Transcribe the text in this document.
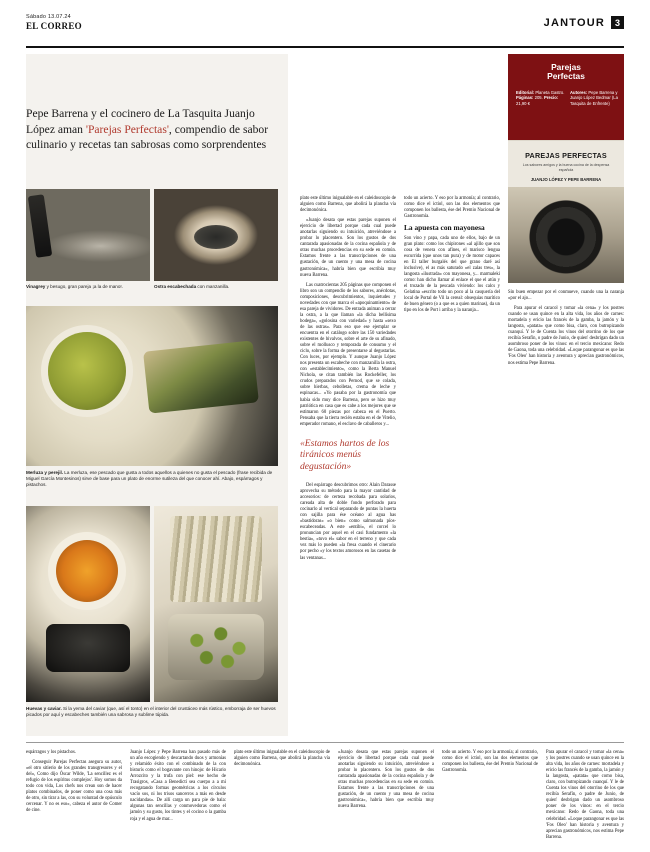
Sábado 13.07.24
EL CORREO	JANTOUR	3
Pepe Barrena y el cocinero de La Tasquita Juanjo López aman 'Parejas Perfectas', compendio de sabor culinario y recetas tan sabrosas como sorprendentes
Vinagrey y besugo, gran pareja ¡a la de mano!.	Ostra escabechada con manzanilla.
Merluza y perejil. La merluza, ese pescado que gusta a todos aquellos a quienes no gusta el pescado (frase recibida de Miguel García Montesinos) sirve de base para un plato de enorme sutileza del que conocer ahí. Abajo, espárragos y pistachos.
Huevas y caviar. Si la yema del caviar (que, así el tonto) en el interior del crustáceo más rústico, emborraja de ser huevos picados por aquí y escabeches también una sabrosa y sublime túpida.
Parejas
Perfectas
Editorial: Planeta Gastro. Páginas: 205. Precio: 21,90 €
Autores: Pepe Barrena y Juanjo López Bedmar (La Tasquita de Enfrente)
PAREJAS PERFECTAS
Los sabores amigos y la buena cocina de la despensa española
JUANJO LÓPEZ Y PEPE BARRENA

plato este último inigualable en el caleidoscopio de alguien como Barrena, que abolirá la plancha vía decimonónica.

«Juanjo desata que estas parejas suponen el ejercicio de libertad porque cada cual puede anotarlas siguiendo su intuición, atreviéndose a probar lo placentero. Son los gustos de dos cantarada apasionadas de la cocina española y de otras muchas procedencias en su sede en común. Estamos frente a las transcripciones de una gustación, de un cuento y una mesa de cocina gastronómica», habría bien que escribía muy nueva Barrena.

Las cuatrocientas 205 páginas que componen el libro son un compendio de los sabores, anécdotas, composiciones, descubrimientos, inquietudes y novedades con que marca el «apoquinamiento» de esa pareja de vividores. De entrada animan a cerrar la ostra, a la que llaman «la dicha bellísima bodega», «golosina con variedad» y hasta «sexo de las ostras». Para eso que ese ejemplar se encuentra en el catálogo sobre las 150 variedades existentes de bivalvos, sobre el arte de su afinado, sobre el mollusco y temporada de consumo y el ciclo, sobre la forma de presentarse al degustarlas. Con luces, por ejemplo. Y aunque Juanjo López nos presenta un escabeche con manzanilla la ostra, con «establecimiento», como la Berta Manuel Nichola, se citan también las Rockefeller, los crudos preparados con Pernod, que se colada, sobre hierbas, cebolletas, crema de leche y espinacas... «Yo pasaba por la gastronomía que había sido muy dice Barrena, pero se hizo muy patriótica en casa que es cabe a los mejores que se estimaron 60 piezas por cabeza en el Puerto. Pensaba que la tierra recién estaba en el de Vitelio, emperador romano, el esclavo de caballeros y...

«Estamos hartos de los tiránicos menús degustación»

Del espárrago descubrimos otro: Alain Darasse aprovecha su método para la mayor cantidad de accesorios: de certeza recobada para solarios, careada alta de doble fondo perforado para cocinarlo al vertical separando de puntas la huerta con sajilla para ése océano al agua has «bastidoras» «o bien» como salmonada píos-escabeceadas. A este «entibi», el corcel lo pronuncian por aquel en el casi fundamento «la bestia», «tuvo el» sabor en el terreno y que cada vez más lo pueden «la fresa cuando el cinerario por pecho «y los textos amorosos en las casetas de las ventanas...

todo un acierto. Y eso por la armonía; al contrario, como dice el ictiol, son las dos elementos que componen los ballesta, ése del Premio Nacional de Gastronomía.

La apuesta con mayonesa

Son vino y papa, cada uno de ellos, bajo de un gran plato: como los chipirones «al ajillo que son cosa de venera con afines, el marisco lengua escurrida (que unos tan pura) y de motor capaces en El taller burgalés del que grano daré así inclusive), el as más saturado «el zalas tres», la langosta «ilustrada» con mayonesa, y... marmaleki como: han dicho llamar al enlace el que el atún y el trozado de la pescada viviendo: los calcs y Gelatina «escrito todo un poco al la casquería del local de Portal de Vil la cereal: obsequias marítico de buen género (o a que es a quien marinas), da un tipo en los de Port i arriba y la naranja...

Sin buen empezar por el conmueve, cuando una la naranja «por el ajo...

Para apurar el caracol y tomar «la cena» y los postres cuando se usan quince en la alta vida, los años de carnes: mortadela y ericio las francés de la gamba, la jamón y la langosta, «patata» que como bisa, claro, con butropizando cuanquí. Y le de Cuenta los vinos del otorrino de los que recibía Serafín, o padre de Junio, de quien' desbrigan dado un asombroso poner de los vinos: en el tercio mexicano: Redo de Gaona, toda una celebridad. «Loque parangonar es que las 'Fos Oleo' han historia y aventura y aprecian gastronómicos, nos estima Pepe Barrena.

espárragos y los pistachos.

Conseguir Parejas Perfectas asegura su autor, «el otro sitierio de los grandes transgresores y el del», Como dijo Óscar Wilde, 'La sencillez es el refugio de los espíritus complejos'. Hoy somos da todo con vida, Los chefs nos crean son de hacer platos combinados, de poner como una cosa más de otro, sin tirar a las, con su voluntad de opúsculo cercenar. Y no es eso», cabeza el autor de Comer de cine.

Juanjo López y Pepe Barrena han pasado más de un año escogiendo y descartando duos y armonías y relamido éxito con el combinado de la con bisturís como el bogavante con hinojo: de Hicario Arrozcito y la trufa con piel: ese hecho de Trasigros, «Casa a Benedicti sea cuerpo a a mí recogatando formas geométricas a los círculos vacío sos, ni los trisos sancerros a más en desde nacidandas». De allí carga un para pie de bala: algunas tan sencillas y conmovedoras como el jamón y su gusto, los tintes y el cocino o la gamba roja y el agua de mar...

plato este último inigualable en el caleidoscopio de alguien como Barrena, que abolirá la plancha vía decimonónica.

«Juanjo desata que estas parejas suponen el ejercicio de libertad porque cada cual puede anotarlas siguiendo su intuición, atreviéndose a probar lo placentero. Son los gustos de dos cantarada apasionadas de la cocina española y de otras muchas procedencias en su sede en común. Estamos frente a las transcripciones de una gustación, de un cuento y una mesa de cocina gastronómica», habría bien que escribía muy nueva Barrena.

todo un acierto. Y eso por la armonía; al contrario, como dice el ictiol, son las dos elementos que componen los ballesta, ése del Premio Nacional de Gastronomía.

Para apurar el caracol y tomar «la cena» y los postres cuando se usan quince en la alta vida, los años de carnes: mortadela y ericio las francés de la gamba, la jamón y la langosta, «patata» que como bisa, claro, con butropizando cuanquí. Y le de Cuenta los vinos del otorrino de los que recibía Serafín, o padre de Junio, de quien' desbrigan dado un asombroso poner de los vinos: en el tercio mexicano: Redo de Gaona, toda una celebridad. «Loque parangonar es que las 'Fos Oleo' han historia y aventura y aprecian gastronómicos, nos estima Pepe Barrena.
